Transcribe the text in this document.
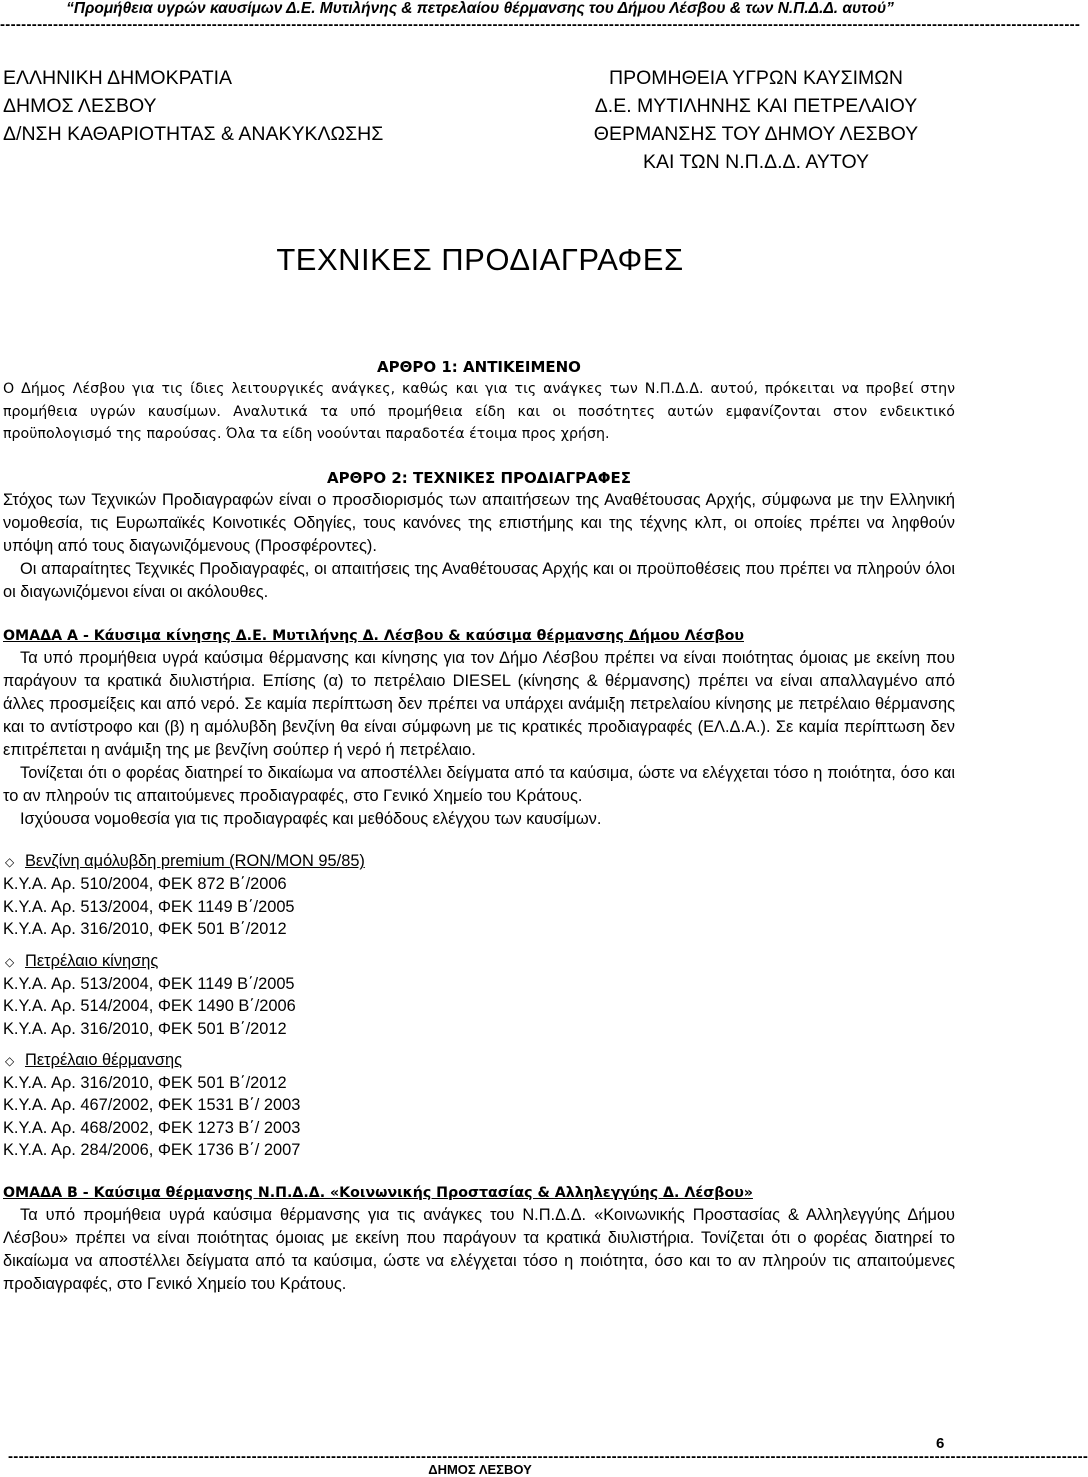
“Προμήθεια υγρών καυσίμων Δ.Ε. Μυτιλήνης & πετρελαίου θέρμανσης του Δήμου Λέσβου & των Ν.Π.Δ.Δ. αυτού”
------------------------------------------------------------------------------------------------------------------------------------------------------------------------------------------------------------
ΕΛΛΗΝΙΚΗ ΔΗΜΟΚΡΑΤΙΑ
ΔΗΜΟΣ ΛΕΣΒΟΥ
Δ/ΝΣΗ ΚΑΘΑΡΙΟΤΗΤΑΣ & ΑΝΑΚΥΚΛΩΣΗΣ
ΠΡΟΜΗΘΕΙΑ ΥΓΡΩΝ ΚΑΥΣΙΜΩΝ
Δ.Ε. ΜΥΤΙΛΗΝΗΣ ΚΑΙ ΠΕΤΡΕΛΑΙΟΥ
ΘΕΡΜΑΝΣΗΣ ΤΟΥ ΔΗΜΟΥ ΛΕΣΒΟΥ
ΚΑΙ ΤΩΝ Ν.Π.Δ.Δ. ΑΥΤΟΥ
ΤΕΧΝΙΚΕΣ ΠΡΟΔΙΑΓΡΑΦΕΣ
ΑΡΘΡΟ 1: ΑΝΤΙΚΕΙΜΕΝΟ
Ο Δήμος Λέσβου για τις ίδιες λειτουργικές ανάγκες, καθώς και για τις ανάγκες των Ν.Π.Δ.Δ. αυτού, πρόκειται να προβεί στην προμήθεια υγρών καυσίμων. Αναλυτικά τα υπό προμήθεια είδη και οι ποσότητες αυτών εμφανίζονται στον ενδεικτικό προϋπολογισμό της παρούσας. Όλα τα είδη νοούνται παραδοτέα έτοιμα προς χρήση.
ΑΡΘΡΟ 2: ΤΕΧΝΙΚΕΣ ΠΡΟΔΙΑΓΡΑΦΕΣ
Στόχος των Τεχνικών Προδιαγραφών είναι ο προσδιορισμός των απαιτήσεων της Αναθέτουσας Αρχής, σύμφωνα με την Ελληνική νομοθεσία, τις Ευρωπαϊκές Κοινοτικές Οδηγίες, τους κανόνες της επιστήμης και της τέχνης κλπ, οι οποίες πρέπει να ληφθούν υπόψη από τους διαγωνιζόμενους (Προσφέροντες).
Οι απαραίτητες Τεχνικές Προδιαγραφές, οι απαιτήσεις της Αναθέτουσας Αρχής και οι προϋποθέσεις που πρέπει να πληρούν όλοι οι διαγωνιζόμενοι είναι οι ακόλουθες.
ΟΜΑΔΑ Α - Κάυσιμα κίνησης Δ.Ε. Μυτιλήνης Δ. Λέσβου & καύσιμα θέρμανσης Δήμου Λέσβου
Τα υπό προμήθεια υγρά καύσιμα θέρμανσης και κίνησης για τον Δήμο Λέσβου πρέπει να είναι ποιότητας όμοιας με εκείνη που παράγουν τα κρατικά διυλιστήρια. Επίσης (α) το πετρέλαιο DIESEL (κίνησης & θέρμανσης) πρέπει να είναι απαλλαγμένο από άλλες προσμείξεις και από νερό. Σε καμία περίπτωση δεν πρέπει να υπάρχει ανάμιξη πετρελαίου κίνησης με πετρέλαιο θέρμανσης και το αντίστροφο και (β) η αμόλυβδη βενζίνη θα είναι σύμφωνη με τις κρατικές προδιαγραφές (ΕΛ.Δ.Α.). Σε καμία περίπτωση δεν επιτρέπεται η ανάμιξη της με βενζίνη σούπερ ή νερό ή πετρέλαιο.
Τονίζεται ότι ο φορέας διατηρεί το δικαίωμα να αποστέλλει δείγματα από τα καύσιμα, ώστε να ελέγχεται τόσο η ποιότητα, όσο και το αν πληρούν τις απαιτούμενες προδιαγραφές, στο Γενικό Χημείο του Κράτους.
Ισχύουσα νομοθεσία για τις προδιαγραφές και μεθόδους ελέγχου των καυσίμων.
◇ Βενζίνη αμόλυβδη premium (RON/MON 95/85)
Κ.Υ.Α. Αρ. 510/2004, ΦΕΚ 872 Β΄/2006
Κ.Υ.Α. Αρ. 513/2004, ΦΕΚ 1149 Β΄/2005
Κ.Υ.Α. Αρ. 316/2010, ΦΕΚ 501 Β΄/2012
◇ Πετρέλαιο κίνησης
Κ.Υ.Α. Αρ. 513/2004, ΦΕΚ 1149 Β΄/2005
Κ.Υ.Α. Αρ. 514/2004, ΦΕΚ 1490 Β΄/2006
Κ.Υ.Α. Αρ. 316/2010, ΦΕΚ 501 Β΄/2012
◇ Πετρέλαιο θέρμανσης
Κ.Υ.Α. Αρ. 316/2010, ΦΕΚ 501 Β΄/2012
Κ.Υ.Α. Αρ. 467/2002, ΦΕΚ 1531 Β΄/ 2003
Κ.Υ.Α. Αρ. 468/2002, ΦΕΚ 1273 Β΄/ 2003
Κ.Υ.Α. Αρ. 284/2006, ΦΕΚ 1736 Β΄/ 2007
ΟΜΑΔΑ Β - Καύσιμα θέρμανσης Ν.Π.Δ.Δ. «Κοινωνικής Προστασίας & Αλληλεγγύης Δ. Λέσβου»
Τα υπό προμήθεια υγρά καύσιμα θέρμανσης για τις ανάγκες του Ν.Π.Δ.Δ. «Κοινωνικής Προστασίας & Αλληλεγγύης Δήμου Λέσβου» πρέπει να είναι ποιότητας όμοιας με εκείνη που παράγουν τα κρατικά διυλιστήρια. Τονίζεται ότι ο φορέας διατηρεί το δικαίωμα να αποστέλλει δείγματα από τα καύσιμα, ώστε να ελέγχεται τόσο η ποιότητα, όσο και το αν πληρούν τις απαιτούμενες προδιαγραφές, στο Γενικό Χημείο του Κράτους.
------------------------------------------------------------------------------------------------------------------------------------------------------------------------------------------------------------
6
ΔΗΜΟΣ ΛΕΣΒΟΥ
